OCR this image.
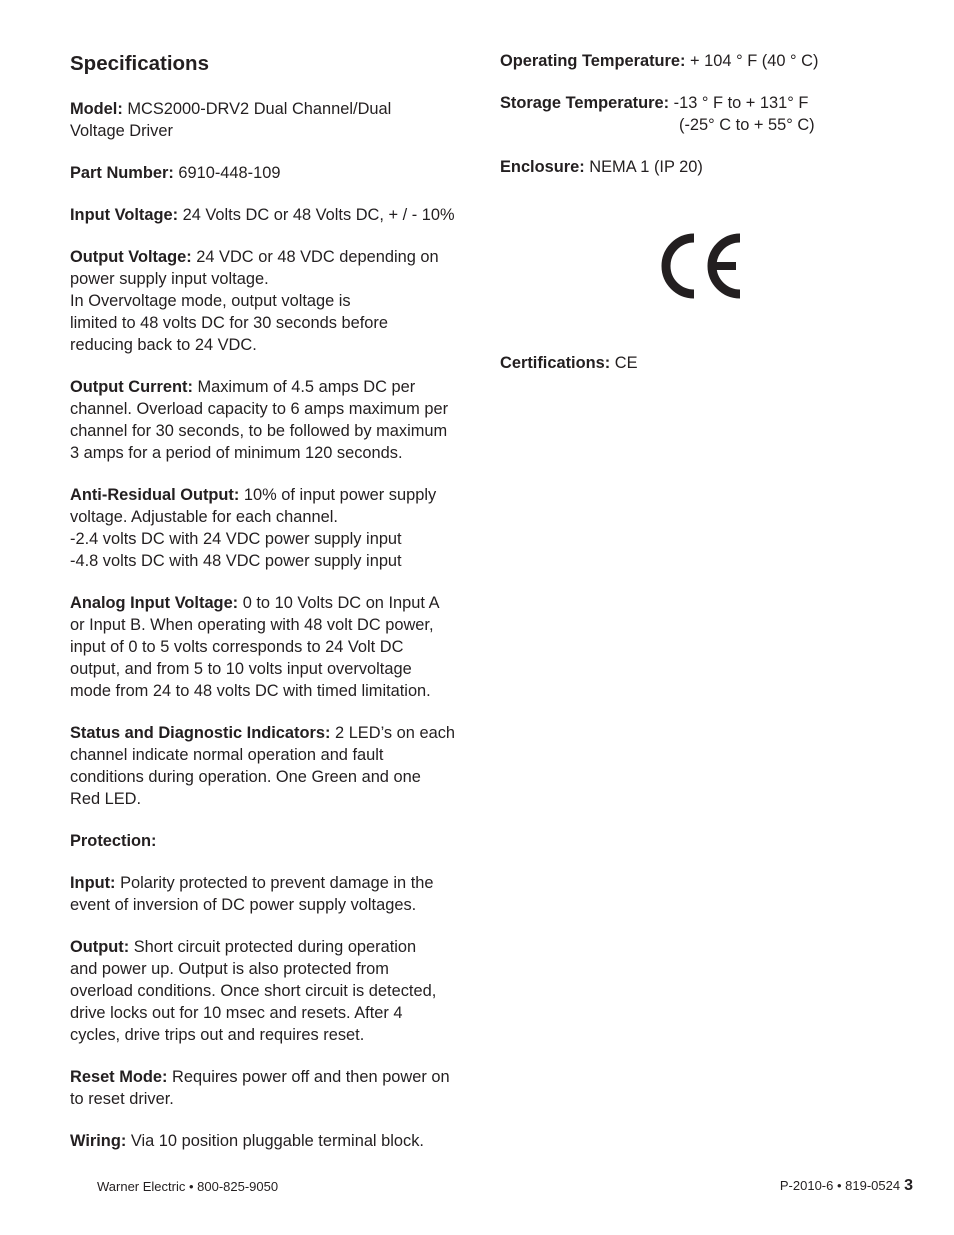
Specifications

Model: MCS2000-DRV2 Dual Channel/Dual
Voltage Driver

Part Number: 6910-448-109

Input Voltage: 24 Volts DC or 48 Volts DC, + / - 10%

Output Voltage: 24 VDC or 48 VDC depending on
power supply input voltage.
In Overvoltage mode, output voltage is
limited to 48 volts DC for 30 seconds before
reducing back to 24 VDC.

Output Current: Maximum of 4.5 amps DC per
channel. Overload capacity to 6 amps maximum per
channel for 30 seconds, to be followed by maximum
3 amps for a period of minimum 120 seconds.

Anti-Residual Output: 10% of input power supply
voltage. Adjustable for each channel.
-2.4 volts DC with 24 VDC power supply input
-4.8 volts DC with 48 VDC power supply input

Analog Input Voltage: 0 to 10 Volts DC on Input A
or Input B. When operating with 48 volt DC power,
input of 0 to 5 volts corresponds to 24 Volt DC
output, and from 5 to 10 volts input overvoltage
mode from 24 to 48 volts DC with timed limitation.

Status and Diagnostic Indicators: 2 LED’s on each
channel indicate normal operation and fault
conditions during operation. One Green and one
Red LED.

Protection:

Input: Polarity protected to prevent damage in the
event of inversion of DC power supply voltages.

Output: Short circuit protected during operation
and power up. Output is also protected from
overload conditions. Once short circuit is detected,
drive locks out for 10 msec and resets. After 4
cycles, drive trips out and requires reset.

Reset Mode: Requires power off and then power on
to reset driver.

Wiring: Via 10 position pluggable terminal block.

Operating Temperature: + 104 ° F (40 ° C)

Storage Temperature: -13 ° F to + 131° F
(-25° C to + 55° C)

Enclosure: NEMA 1 (IP 20)

Certifications: CE
Warner Electric • 800-825-9050	P-2010-6 • 819-0524 3
